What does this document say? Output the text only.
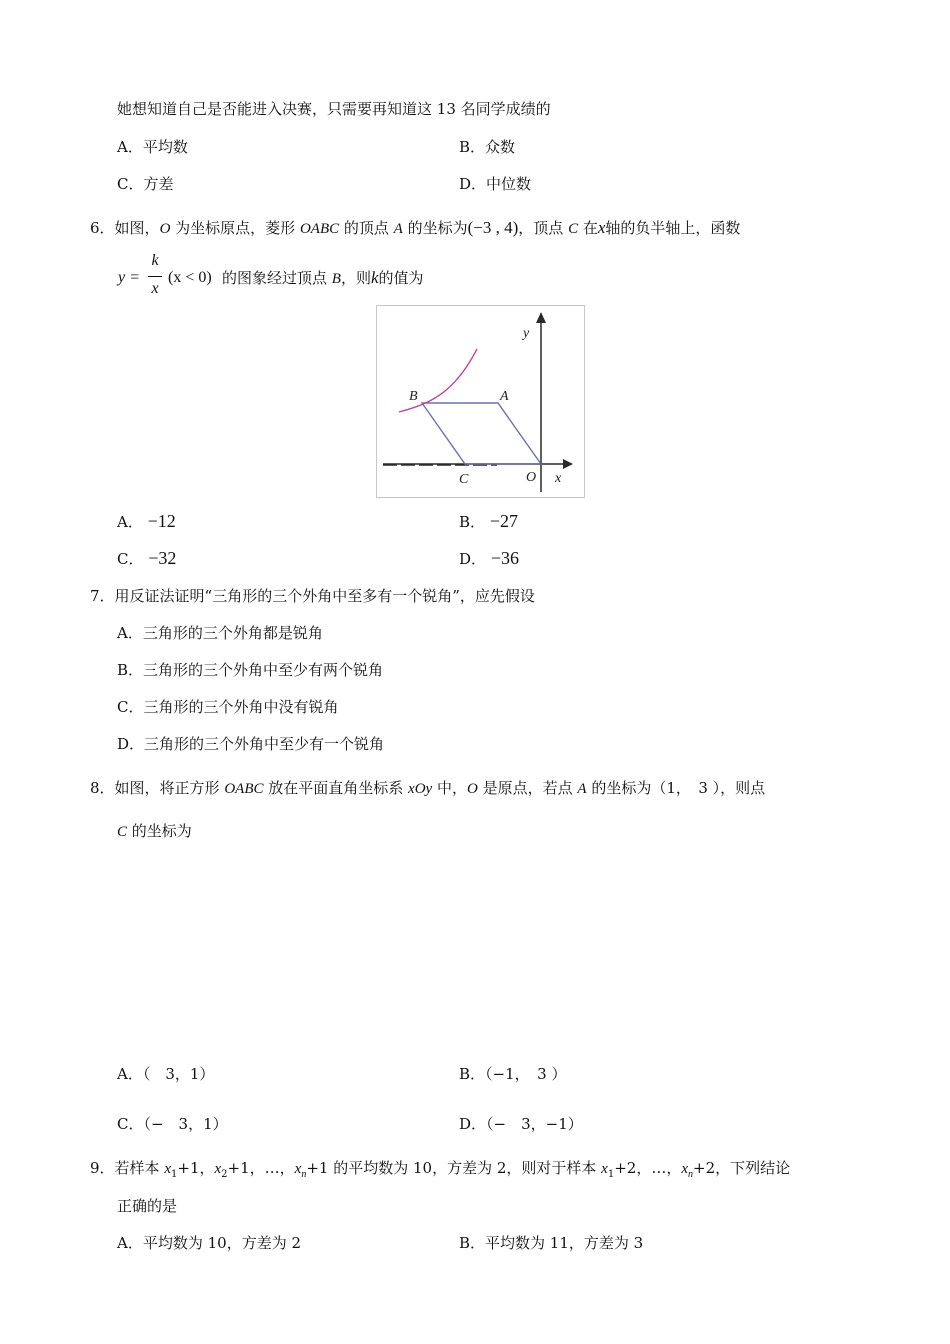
她想知道自己是否能进入决赛，只需要再知道这 13 名同学成绩的
A．平均数	B．众数
C．方差	D．中位数
6．如图，O 为坐标原点，菱形 OABC 的顶点 A 的坐标为(−3 , 4)，顶点 C 在x轴的负半轴上，函数
y =
k
x
(x < 0) 的图象经过顶点 B，则k的值为
y
x
B	A
C	O
A． −12	B． −27
C． −32	D． −36
7．用反证法证明“三角形的三个外角中至多有一个锐角”，应先假设
A．三角形的三个外角都是锐角
B．三角形的三个外角中至少有两个锐角
C．三角形的三个外角中没有锐角
D．三角形的三个外角中至少有一个锐角
8．如图，将正方形 OABC 放在平面直角坐标系 xOy 中，O 是原点，若点 A 的坐标为（1，　3 ），则点
C 的坐标为
A．（　3，1）	B．（−1，　3 ）
C．（−　3，1）	D．（−　3，−1）
9．若样本 $x_1+1$，$x_2+1$，…，$x_n+1$ 的平均数为 10，方差为 2，则对于样本 $x_1+2$，…，$x_n+2$，下列结论
正确的是
A．平均数为 10，方差为 2	B．平均数为 11，方差为 3
